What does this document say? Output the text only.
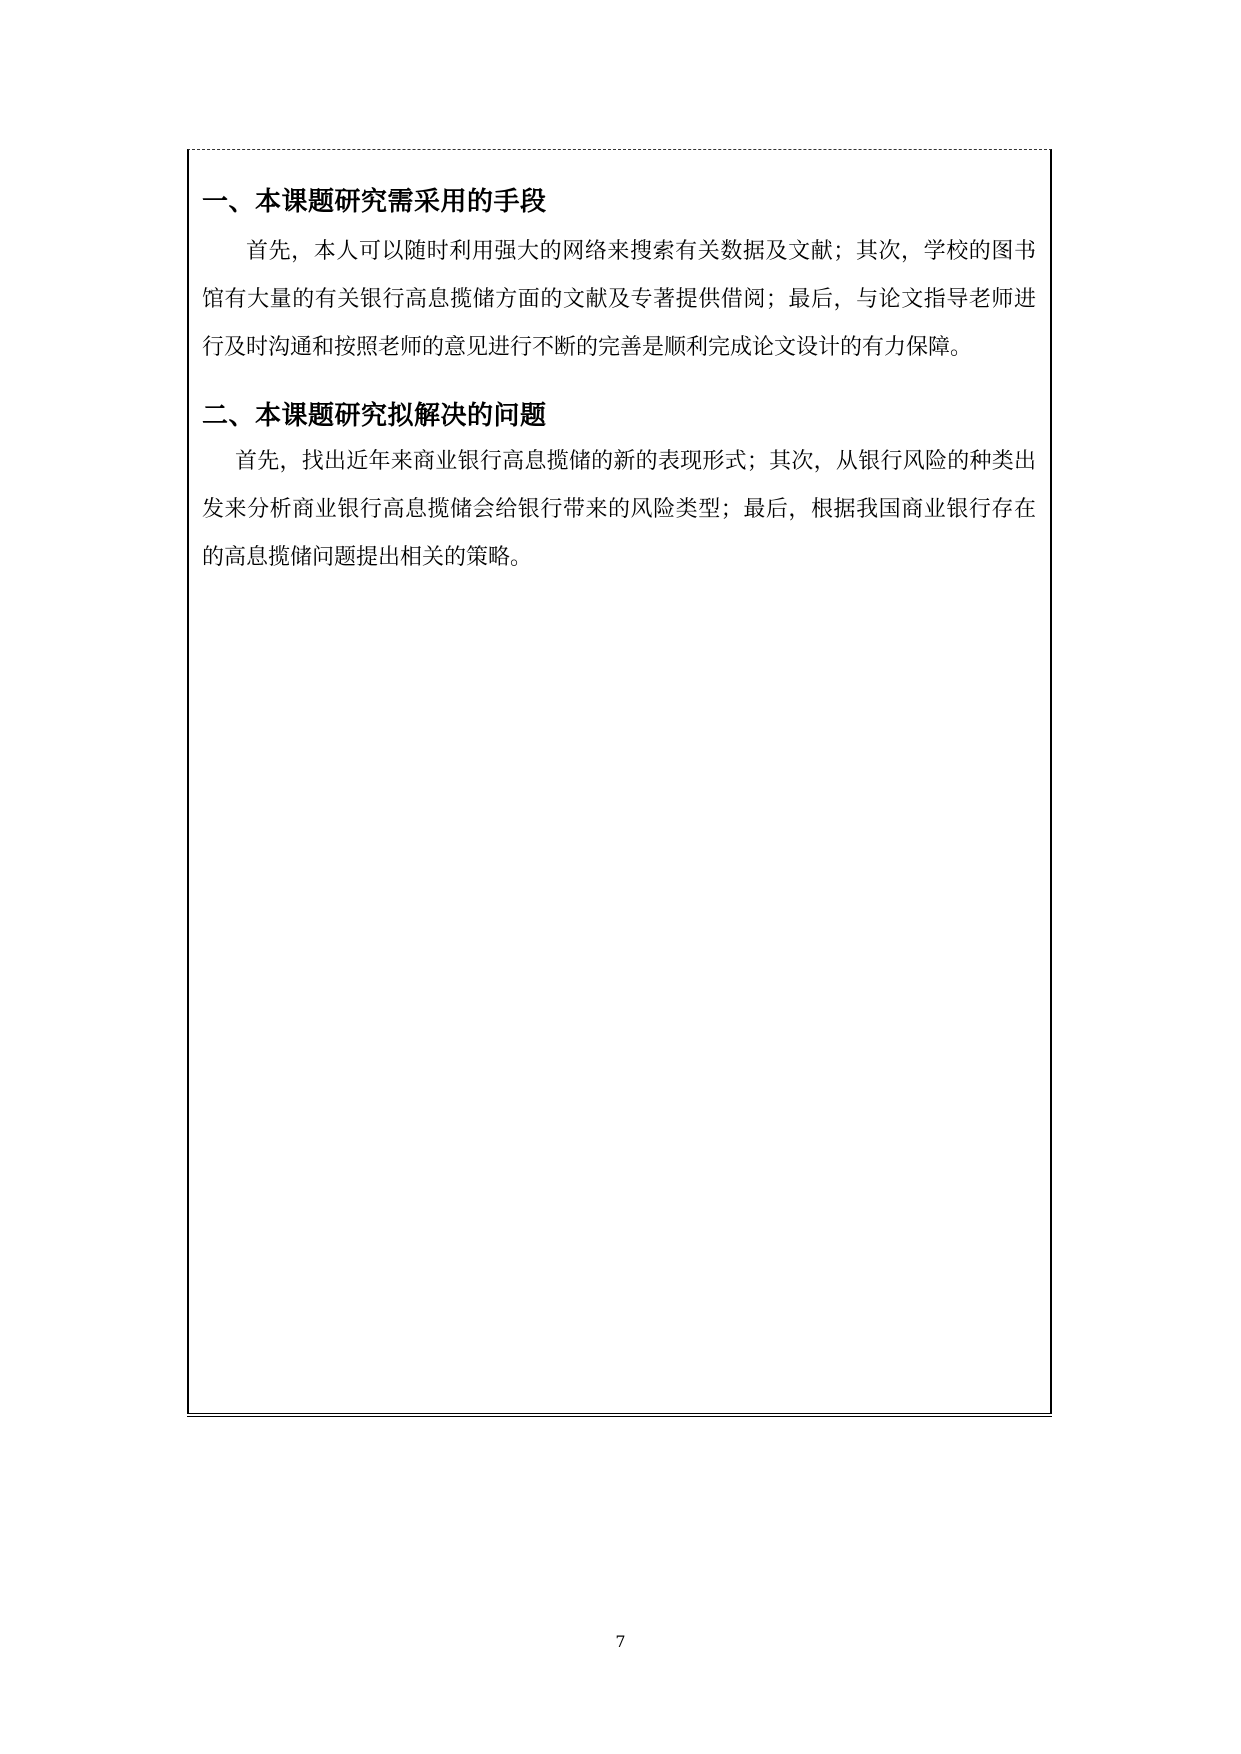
一、本课题研究需采用的手段

首先，本人可以随时利用强大的网络来搜索有关数据及文献；其次，学校的图书馆有大量的有关银行高息揽储方面的文献及专著提供借阅；最后，与论文指导老师进行及时沟通和按照老师的意见进行不断的完善是顺利完成论文设计的有力保障。

二、本课题研究拟解决的问题

首先，找出近年来商业银行高息揽储的新的表现形式；其次，从银行风险的种类出发来分析商业银行高息揽储会给银行带来的风险类型；最后，根据我国商业银行存在的高息揽储问题提出相关的策略。

7
